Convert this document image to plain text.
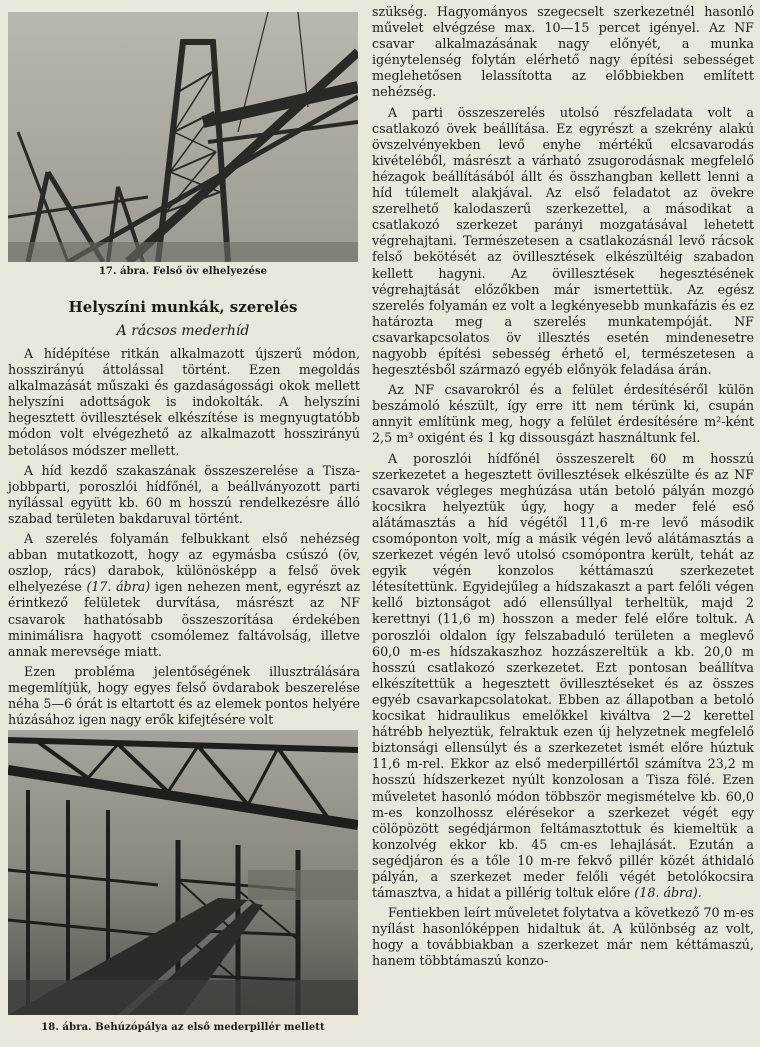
17. ábra. Felső öv elhelyezése
Helyszíni munkák, szerelés
A rácsos mederhíd

A hídépítése ritkán alkalmazott újszerű módon, hosszirányú áttolással történt. Ezen megoldás alkalmazását műszaki és gazdaságossági okok mellett helyszíni adottságok is indokolták. A helyszíni hegesztett övillesztések elkészítése is megnyugtatóbb módon volt elvégezhető az alkalmazott hosszirányú betolásos módszer mellett.

A híd kezdő szakaszának összeszerelése a Tisza-jobbparti, poroszlói hídfőnél, a beállványozott parti nyílással együtt kb. 60 m hosszú rendelkezésre álló szabad területen bakdaruval történt.

A szerelés folyamán felbukkant első nehézség abban mutatkozott, hogy az egymásba csúszó (öv, oszlop, rács) darabok, különösképp a felső övek elhelyezése (17. ábra) igen nehezen ment, egyrészt az érintkező felületek durvítása, másrészt az NF csavarok hathatósabb összeszorítása érdekében minimálisra hagyott csomólemez faltávolság, illetve annak merevsége miatt.

Ezen probléma jelentőségének illusztrálására megemlítjük, hogy egyes felső övdarabok beszerelése néha 5—6 órát is eltartott és az elemek pontos helyére húzásához igen nagy erők kifejtésére volt

18. ábra. Behúzópálya az első mederpillér mellett

szükség. Hagyományos szegecselt szerkezetnél hasonló művelet elvégzése max. 10—15 percet igényel. Az NF csavar alkalmazásának nagy előnyét, a munka igénytelenség folytán elérhető nagy építési sebességet meglehetősen lelassította az előbbiekben említett nehézség.

A parti összeszerelés utolsó részfeladata volt a csatlakozó övek beállítása. Ez egyrészt a szekrény alakú övszelvényekben levő enyhe mértékű elcsavarodás kivételéből, másrészt a várható zsugorodásnak megfelelő hézagok beállításából állt és összhangban kellett lenni a híd túlemelt alakjával. Az első feladatot az övekre szerelhető kalodaszerű szerkezettel, a másodikat a csatlakozó szerkezet parányi mozgatásával lehetett végrehajtani. Természetesen a csatlakozásnál levő rácsok felső bekötését az övillesztések elkészültéig szabadon kellett hagyni. Az övillesztések hegesztésének végrehajtását előzőkben már ismertettük. Az egész szerelés folyamán ez volt a legkényesebb munkafázis és ez határozta meg a szerelés munkatempóját. NF csavarkapcsolatos öv illesztés esetén mindenesetre nagyobb építési sebesség érhető el, természetesen a hegesztésből származó egyéb előnyök feladása árán.

Az NF csavarokról és a felület érdesítéséről külön beszámoló készült, így erre itt nem térünk ki, csupán annyit említünk meg, hogy a felület érdesítésére m²-ként 2,5 m³ oxigént és 1 kg dissousgázt használtunk fel.

A poroszlói hídfőnél összeszerelt 60 m hosszú szerkezetet a hegesztett övillesztések elkészülte és az NF csavarok végleges meghúzása után betoló pályán mozgó kocsikra helyeztük úgy, hogy a meder felé eső alátámasztás a híd végétől 11,6 m-re levő második csomóponton volt, míg a másik végén levő alátámasztás a szerkezet végén levő utolsó csomópontra került, tehát az egyik végén konzolos kéttámaszú szerkezetet létesítettünk. Egyidejűleg a hídszakaszt a part felőli végen kellő biztonságot adó ellensúllyal terheltük, majd 2 kerettnyi (11,6 m) hosszon a meder felé előre toltuk. A poroszlói oldalon így felszabaduló területen a meglevő 60,0 m-es hídszakaszhoz hozzászereltük a kb. 20,0 m hosszú csatlakozó szerkezetet. Ezt pontosan beállítva elkészítettük a hegesztett övillesztéseket és az összes egyéb csavarkapcsolatokat. Ebben az állapotban a betoló kocsikat hidraulikus emelőkkel kiváltva 2—2 kerettel hátrébb helyeztük, felraktuk ezen új helyzetnek megfelelő biztonsági ellensúlyt és a szerkezetet ismét előre húztuk 11,6 m-rel. Ekkor az első mederpillértől számítva 23,2 m hosszú hídszerkezet nyúlt konzolosan a Tisza fölé. Ezen műveletet hasonló módon többször megismételve kb. 60,0 m-es konzolhossz elérésekor a szerkezet végét egy cölöpözött segédjármon feltámasztottuk és kiemeltük a konzolvég ekkor kb. 45 cm-es lehajlását. Ezután a segédjáron és a tőle 10 m-re fekvő pillér közét áthidaló pályán, a szerkezet meder felőli végét betolókocsira támasztva, a hidat a pillérig toltuk előre (18. ábra).

Fentiekben leírt műveletet folytatva a következő 70 m-es nyílást hasonlóképpen hidaltuk át. A különbség az volt, hogy a továbbiakban a szerkezet már nem kéttámaszú, hanem többtámaszú konzo-
